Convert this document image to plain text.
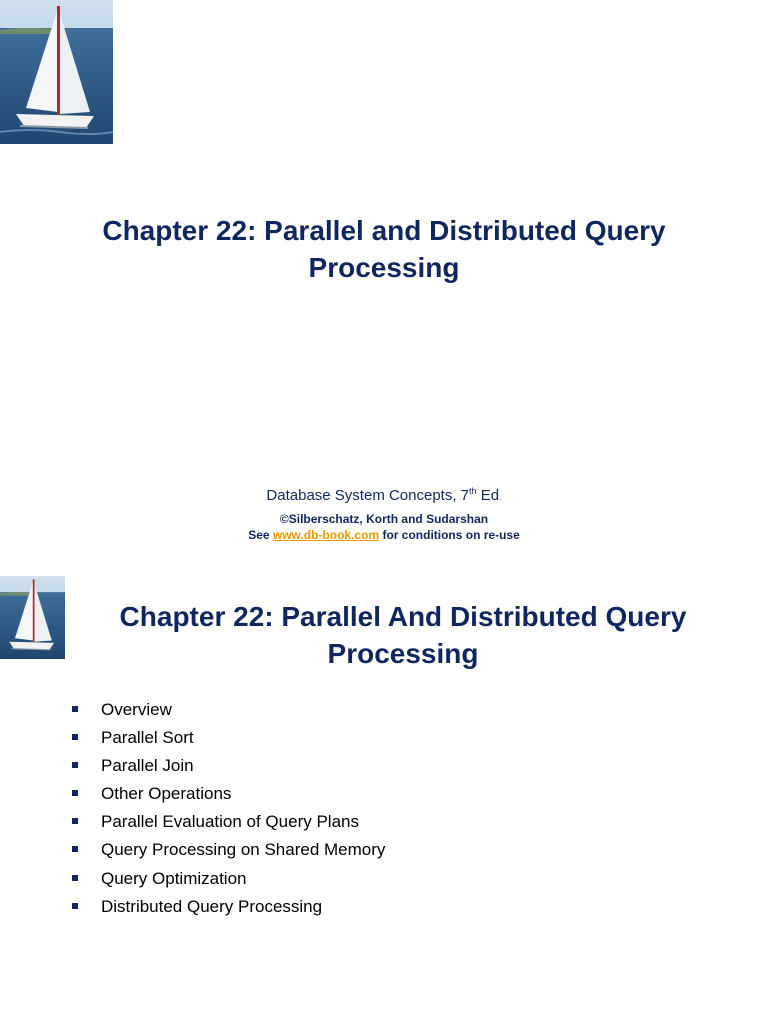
Chapter 22: Parallel and Distributed Query
Processing
Database System Concepts, 7th Ed.
©Silberschatz, Korth and Sudarshan
See www.db-book.com for conditions on re-use
Chapter 22: Parallel And Distributed Query
Processing
Overview
Parallel Sort
Parallel Join
Other Operations
Parallel Evaluation of Query Plans
Query Processing on Shared Memory
Query Optimization
Distributed Query Processing
